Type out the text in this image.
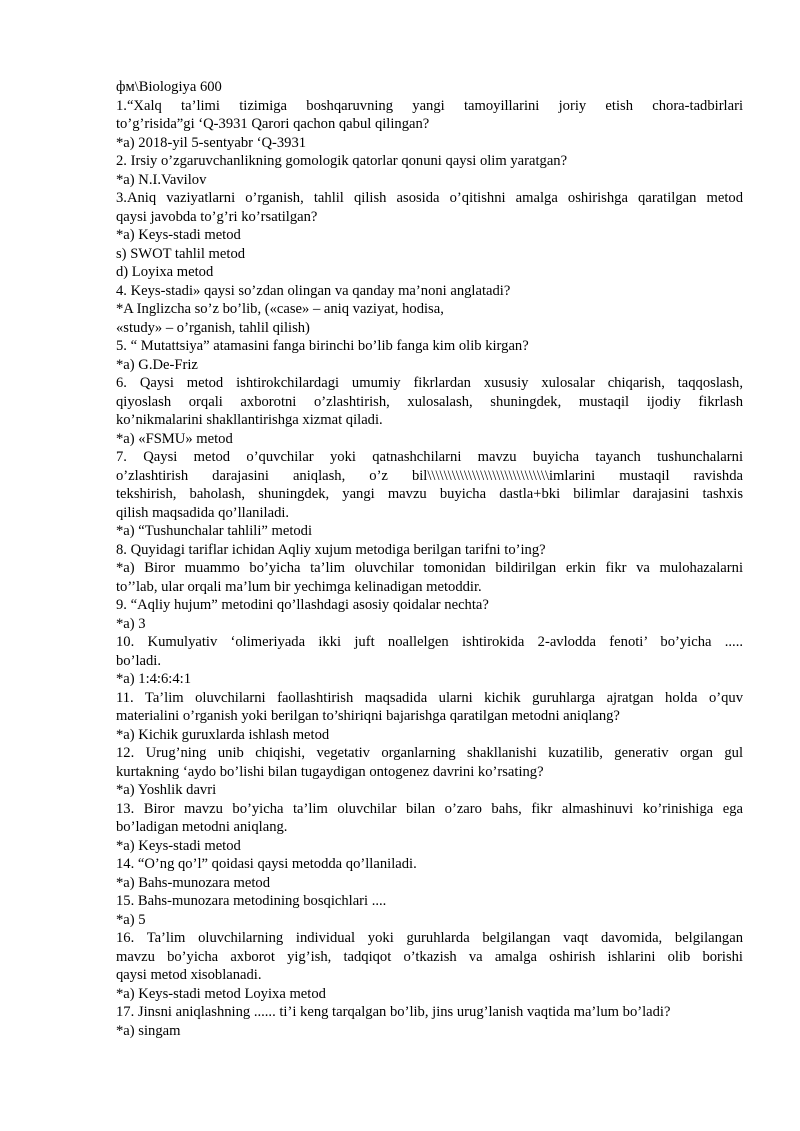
фм\Biologiya 600
1.“Xalq ta’limi tizimiga boshqaruvning yangi tamoyillarini joriy etish chora-tadbirlari
to’g’risida”gi ‘Q-3931 Qarori qachon qabul qilingan?
*a) 2018-yil 5-sentyabr ‘Q-3931
2. Irsiy o’zgaruvchanlikning gomologik qatorlar qonuni qaysi olim yaratgan?
*a) N.I.Vavilov
3.Aniq vaziyatlarni o’rganish, tahlil qilish asosida o’qitishni amalga oshirishga qaratilgan metod
qaysi javobda to’g’ri ko’rsatilgan?
*a) Keys-stadi metod
s) SWOT tahlil metod
d) Loyixa metod
4. Keys-stadi» qaysi so’zdan olingan va qanday ma’noni anglatadi?
*A Inglizcha so’z bo’lib, («case» – aniq vaziyat, hodisa,
«study» – o’rganish, tahlil qilish)
5. “ Mutattsiya” atamasini fanga birinchi bo’lib fanga kim olib kirgan?
*a) G.De-Friz
6. Qaysi metod ishtirokchilardagi umumiy fikrlardan xususiy xulosalar chiqarish, taqqoslash,
qiyoslash orqali axborotni o’zlashtirish, xulosalash, shuningdek, mustaqil ijodiy fikrlash
ko’nikmalarini shakllantirishga xizmat qiladi.
*a) «FSMU» metod
7. Qaysi metod o’quvchilar yoki qatnashchilarni mavzu buyicha tayanch tushunchalarni
o’zlashtirish darajasini aniqlash, o’z bil\\\\\\\\\\\\\\\\\\\\\\\\\\\\\\imlarini mustaqil ravishda
tekshirish, baholash, shuningdek, yangi mavzu buyicha dastla+bki bilimlar darajasini tashxis
qilish maqsadida qo’llaniladi.
*a) “Tushunchalar tahlili” metodi
8. Quyidagi tariflar ichidan Aqliy xujum metodiga berilgan tarifni to’ing?
*a) Biror muammo bo’yicha ta’lim oluvchilar tomonidan bildirilgan erkin fikr va mulohazalarni
to’’lab, ular orqali ma’lum bir yechimga kelinadigan metoddir.
9. “Aqliy hujum” metodini qo’llashdagi asosiy qoidalar nechta?
*a) 3
10. Kumulyativ ‘olimeriyada ikki juft noallelgen ishtirokida 2-avlodda fenoti’ bo’yicha .....
bo’ladi.
*a) 1:4:6:4:1
11. Ta’lim oluvchilarni faollashtirish maqsadida ularni kichik guruhlarga ajratgan holda o’quv
materialini o’rganish yoki berilgan to’shiriqni bajarishga qaratilgan metodni aniqlang?
*a) Kichik guruxlarda ishlash metod
12. Urug’ning unib chiqishi, vegetativ organlarning shakllanishi kuzatilib, generativ organ gul
kurtakning ‘aydo bo’lishi bilan tugaydigan ontogenez davrini ko’rsating?
*a) Yoshlik davri
13. Biror mavzu bo’yicha ta’lim oluvchilar bilan o’zaro bahs, fikr almashinuvi ko’rinishiga ega
bo’ladigan metodni aniqlang.
*a) Keys-stadi metod
14. “O’ng qo’l” qoidasi qaysi metodda qo’llaniladi.
*a) Bahs-munozara metod
15. Bahs-munozara metodining bosqichlari ....
*a) 5
16. Ta’lim oluvchilarning individual yoki guruhlarda belgilangan vaqt davomida, belgilangan
mavzu bo’yicha axborot yig’ish, tadqiqot o’tkazish va amalga oshirish ishlarini olib borishi
qaysi metod xisoblanadi.
*a) Keys-stadi metod Loyixa metod
17. Jinsni aniqlashning ...... ti’i keng tarqalgan bo’lib, jins urug’lanish vaqtida ma’lum bo’ladi?
*a) singam
